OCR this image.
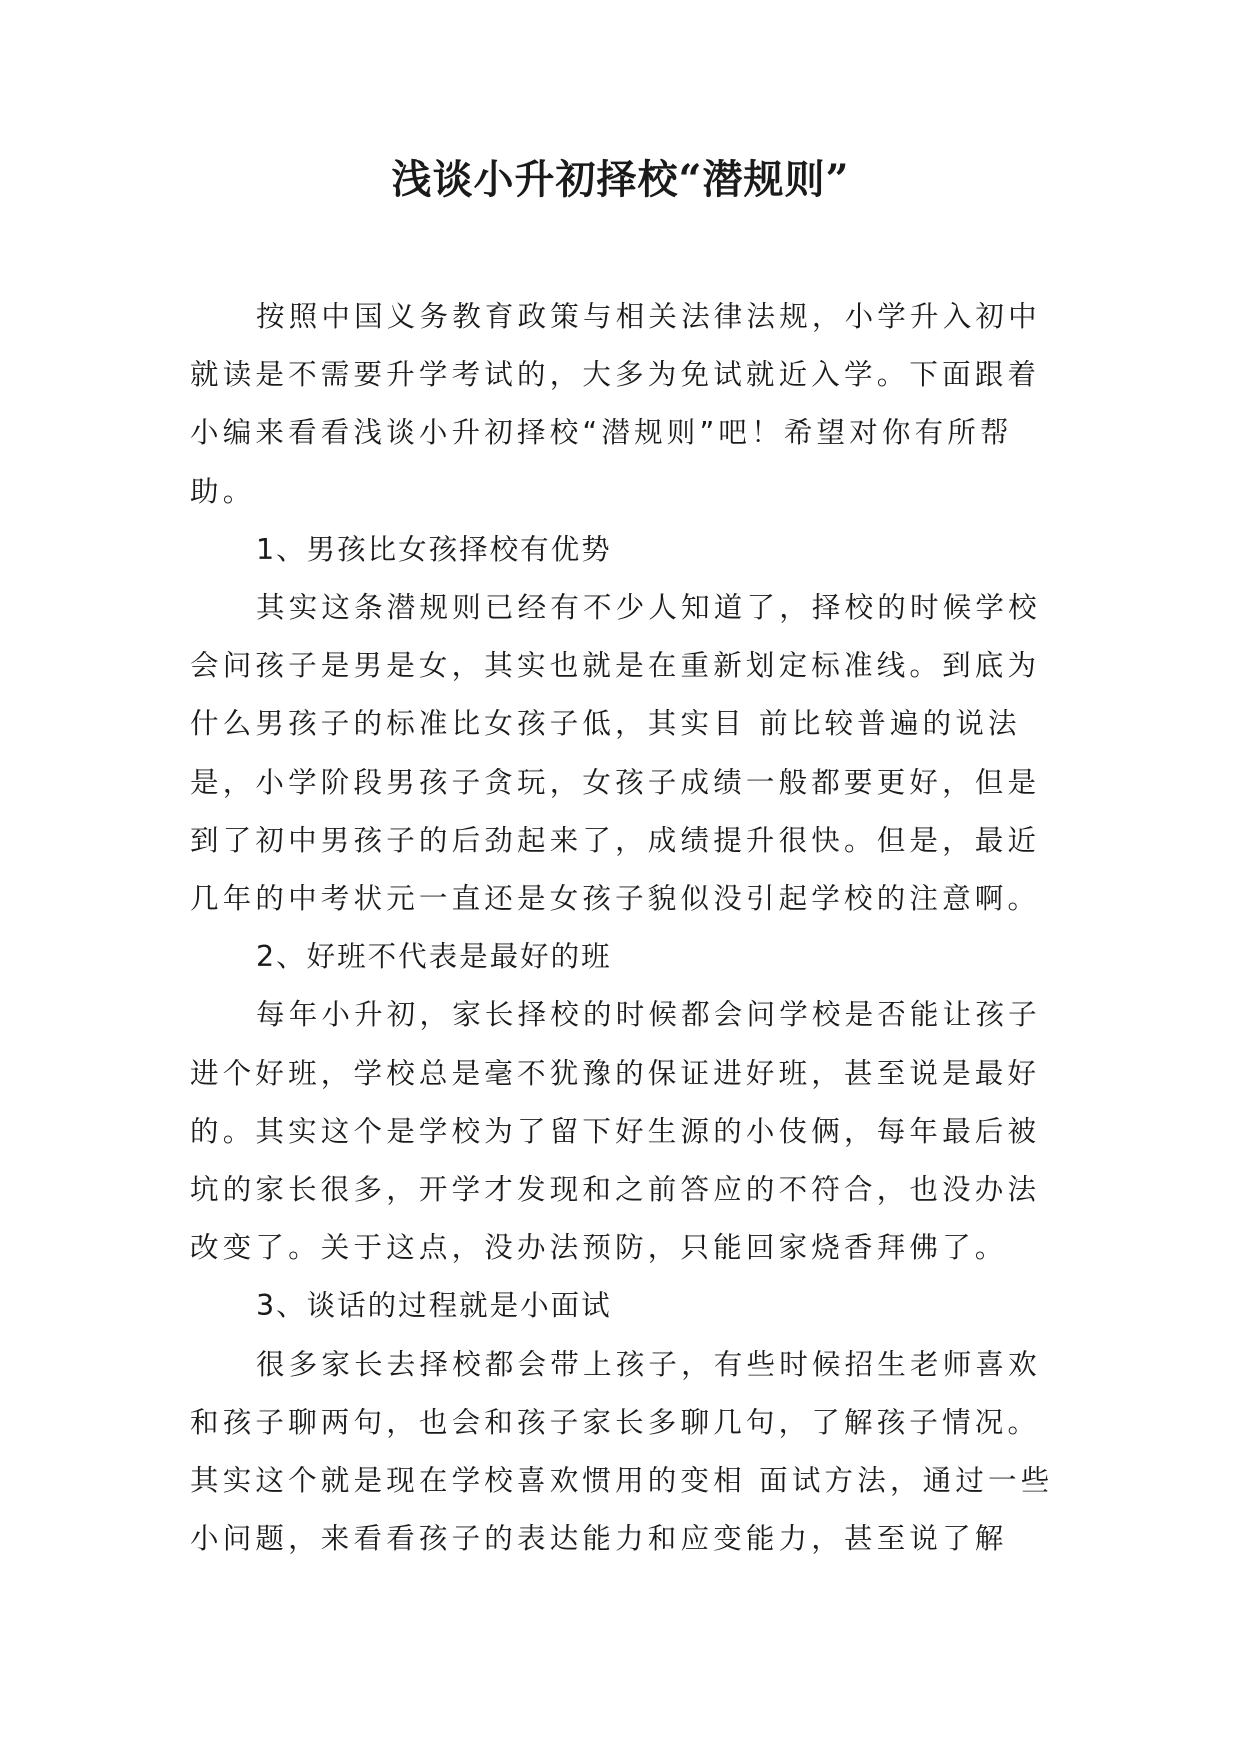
浅谈小升初择校“潜规则”

按照中国义务教育政策与相关法律法规，小学升入初中就读是不需要升学考试的，大多为免试就近入学。下面跟着小编来看看浅谈小升初择校“潜规则”吧！希望对你有所帮助。

1、男孩比女孩择校有优势

其实这条潜规则已经有不少人知道了，择校的时候学校会问孩子是男是女，其实也就是在重新划定标准线。到底为什么男孩子的标准比女孩子低，其实目 前比较普遍的说法是，小学阶段男孩子贪玩，女孩子成绩一般都要更好，但是到了初中男孩子的后劲起来了，成绩提升很快。但是，最近几年的中考状元一直还是女孩子貌似没引起学校的注意啊。

2、好班不代表是最好的班

每年小升初，家长择校的时候都会问学校是否能让孩子进个好班，学校总是毫不犹豫的保证进好班，甚至说是最好的。其实这个是学校为了留下好生源的小伎俩，每年最后被坑的家长很多，开学才发现和之前答应的不符合，也没办法改变了。关于这点，没办法预防，只能回家烧香拜佛了。

3、谈话的过程就是小面试

很多家长去择校都会带上孩子，有些时候招生老师喜欢和孩子聊两句，也会和孩子家长多聊几句，了解孩子情况。其实这个就是现在学校喜欢惯用的变相 面试方法，通过一些小问题，来看看孩子的表达能力和应变能力，甚至说了解
